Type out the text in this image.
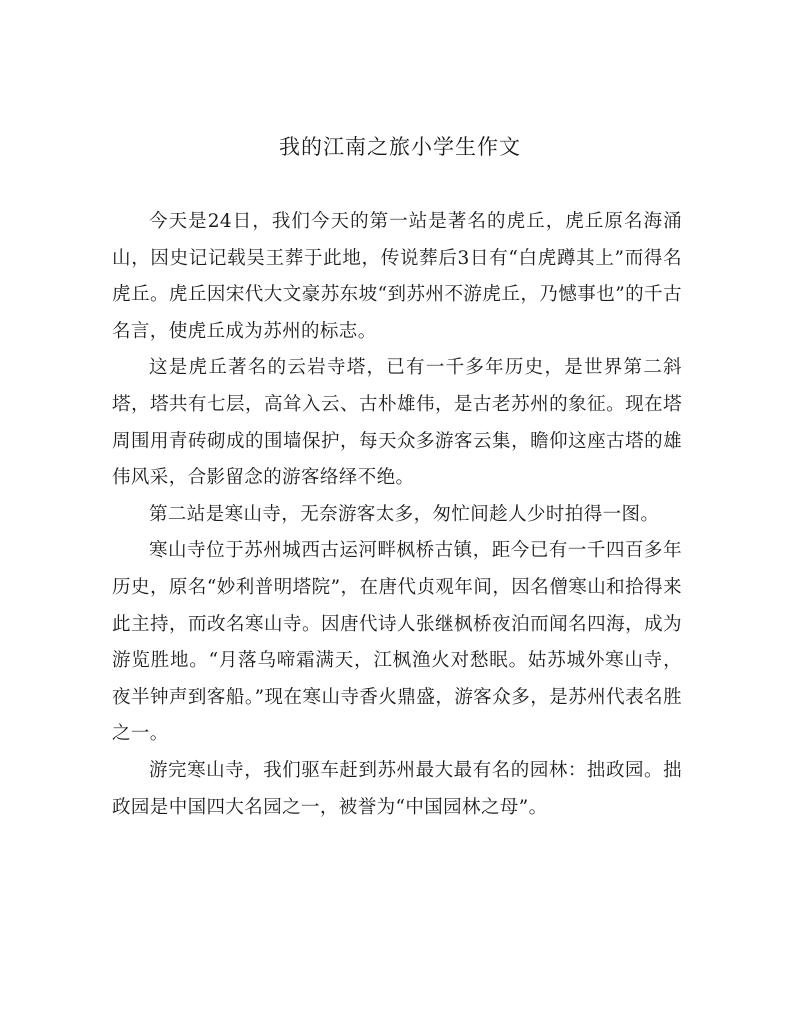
我的江南之旅小学生作文

今天是24日，我们今天的第一站是著名的虎丘，虎丘原名海涌山，因史记记载吴王葬于此地，传说葬后3日有“白虎蹲其上”而得名虎丘。虎丘因宋代大文豪苏东坡“到苏州不游虎丘，乃憾事也”的千古名言，使虎丘成为苏州的标志。

这是虎丘著名的云岩寺塔，已有一千多年历史，是世界第二斜塔，塔共有七层，高耸入云、古朴雄伟，是古老苏州的象征。现在塔周围用青砖砌成的围墙保护，每天众多游客云集，瞻仰这座古塔的雄伟风采，合影留念的游客络绎不绝。

第二站是寒山寺，无奈游客太多，匆忙间趁人少时拍得一图。

寒山寺位于苏州城西古运河畔枫桥古镇，距今已有一千四百多年历史，原名“妙利普明塔院”，在唐代贞观年间，因名僧寒山和拾得来此主持，而改名寒山寺。因唐代诗人张继枫桥夜泊而闻名四海，成为游览胜地。“月落乌啼霜满天，江枫渔火对愁眠。姑苏城外寒山寺，夜半钟声到客船。”现在寒山寺香火鼎盛，游客众多，是苏州代表名胜之一。

游完寒山寺，我们驱车赶到苏州最大最有名的园林：拙政园。拙政园是中国四大名园之一，被誉为“中国园林之母”。
